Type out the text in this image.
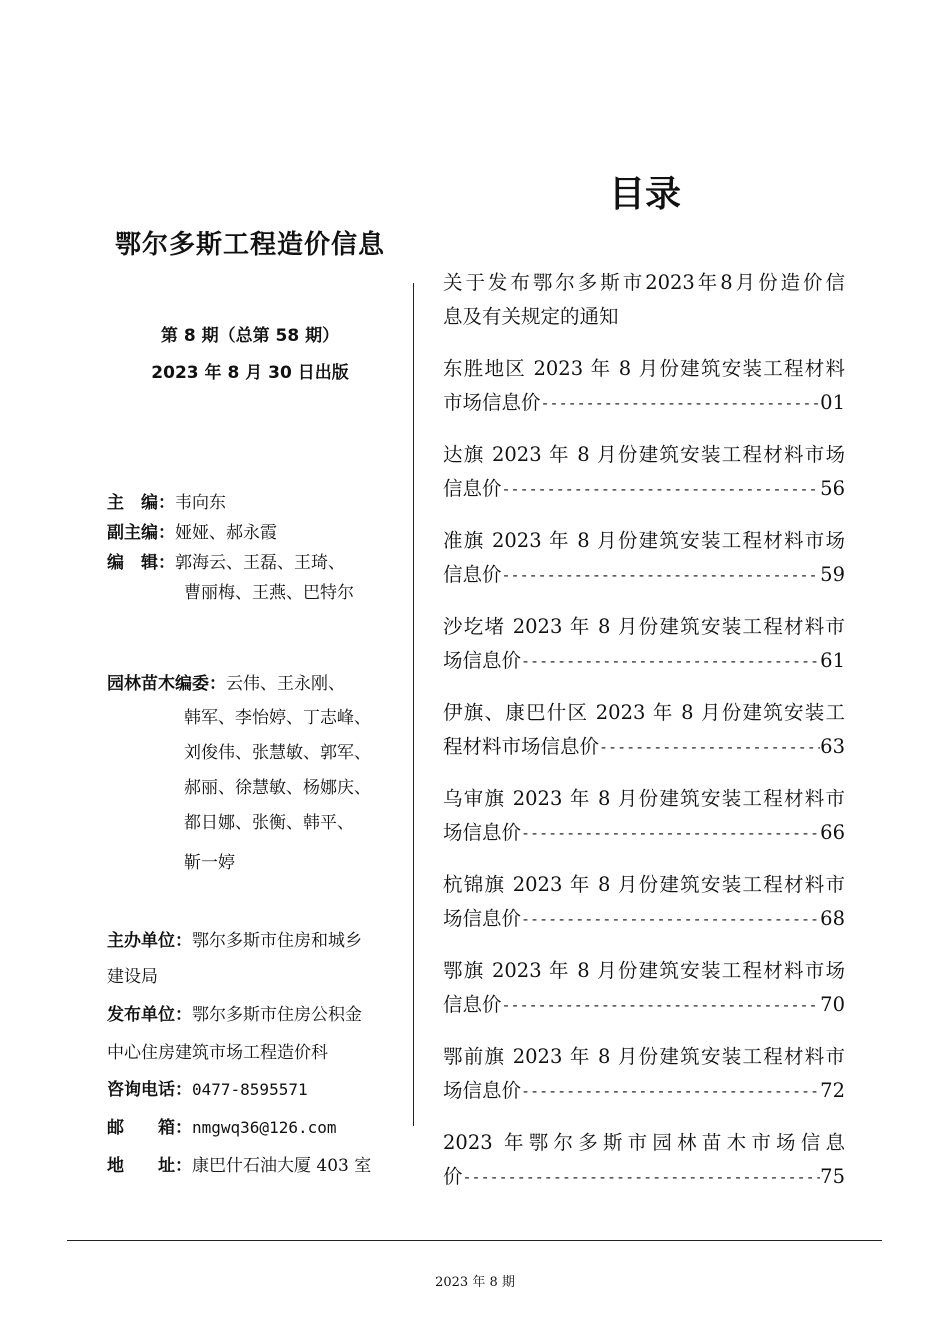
鄂尔多斯工程造价信息
第 8 期（总第 58 期）
2023 年 8 月 30 日出版
主　编：韦向东
副主编：娅娅、郝永霞
编　辑：郭海云、王磊、王琦、
曹丽梅、王燕、巴特尔
园林苗木编委：云伟、王永刚、
韩军、李怡婷、丁志峰、
刘俊伟、张慧敏、郭军、
郝丽、徐慧敏、杨娜庆、
都日娜、张衡、韩平、
靳一婷
主办单位：鄂尔多斯市住房和城乡
建设局
发布单位：鄂尔多斯市住房公积金
中心住房建筑市场工程造价科
咨询电话：0477-8595571
邮　　箱：nmgwq36@126.com
地　　址：康巴什石油大厦 403 室
目录
关于发布鄂尔多斯市2023年8月份造价信
息及有关规定的通知
东胜地区 2023 年 8 月份建筑安装工程材料
市场信息价 -----	01
达旗 2023 年 8 月份建筑安装工程材料市场
信息价 -----	56
准旗 2023 年 8 月份建筑安装工程材料市场
信息价 -----	59
沙圪堵 2023 年 8 月份建筑安装工程材料市
场信息价 -----	61
伊旗、康巴什区 2023 年 8 月份建筑安装工
程材料市场信息价 -----	63
乌审旗 2023 年 8 月份建筑安装工程材料市
场信息价 -----	66
杭锦旗 2023 年 8 月份建筑安装工程材料市
场信息价 -----	68
鄂旗 2023 年 8 月份建筑安装工程材料市场
信息价 -----	70
鄂前旗 2023 年 8 月份建筑安装工程材料市
场信息价 -----	72
2023 年鄂尔多斯市园林苗木市场信息
价 -----	75
2023 年 8 期
